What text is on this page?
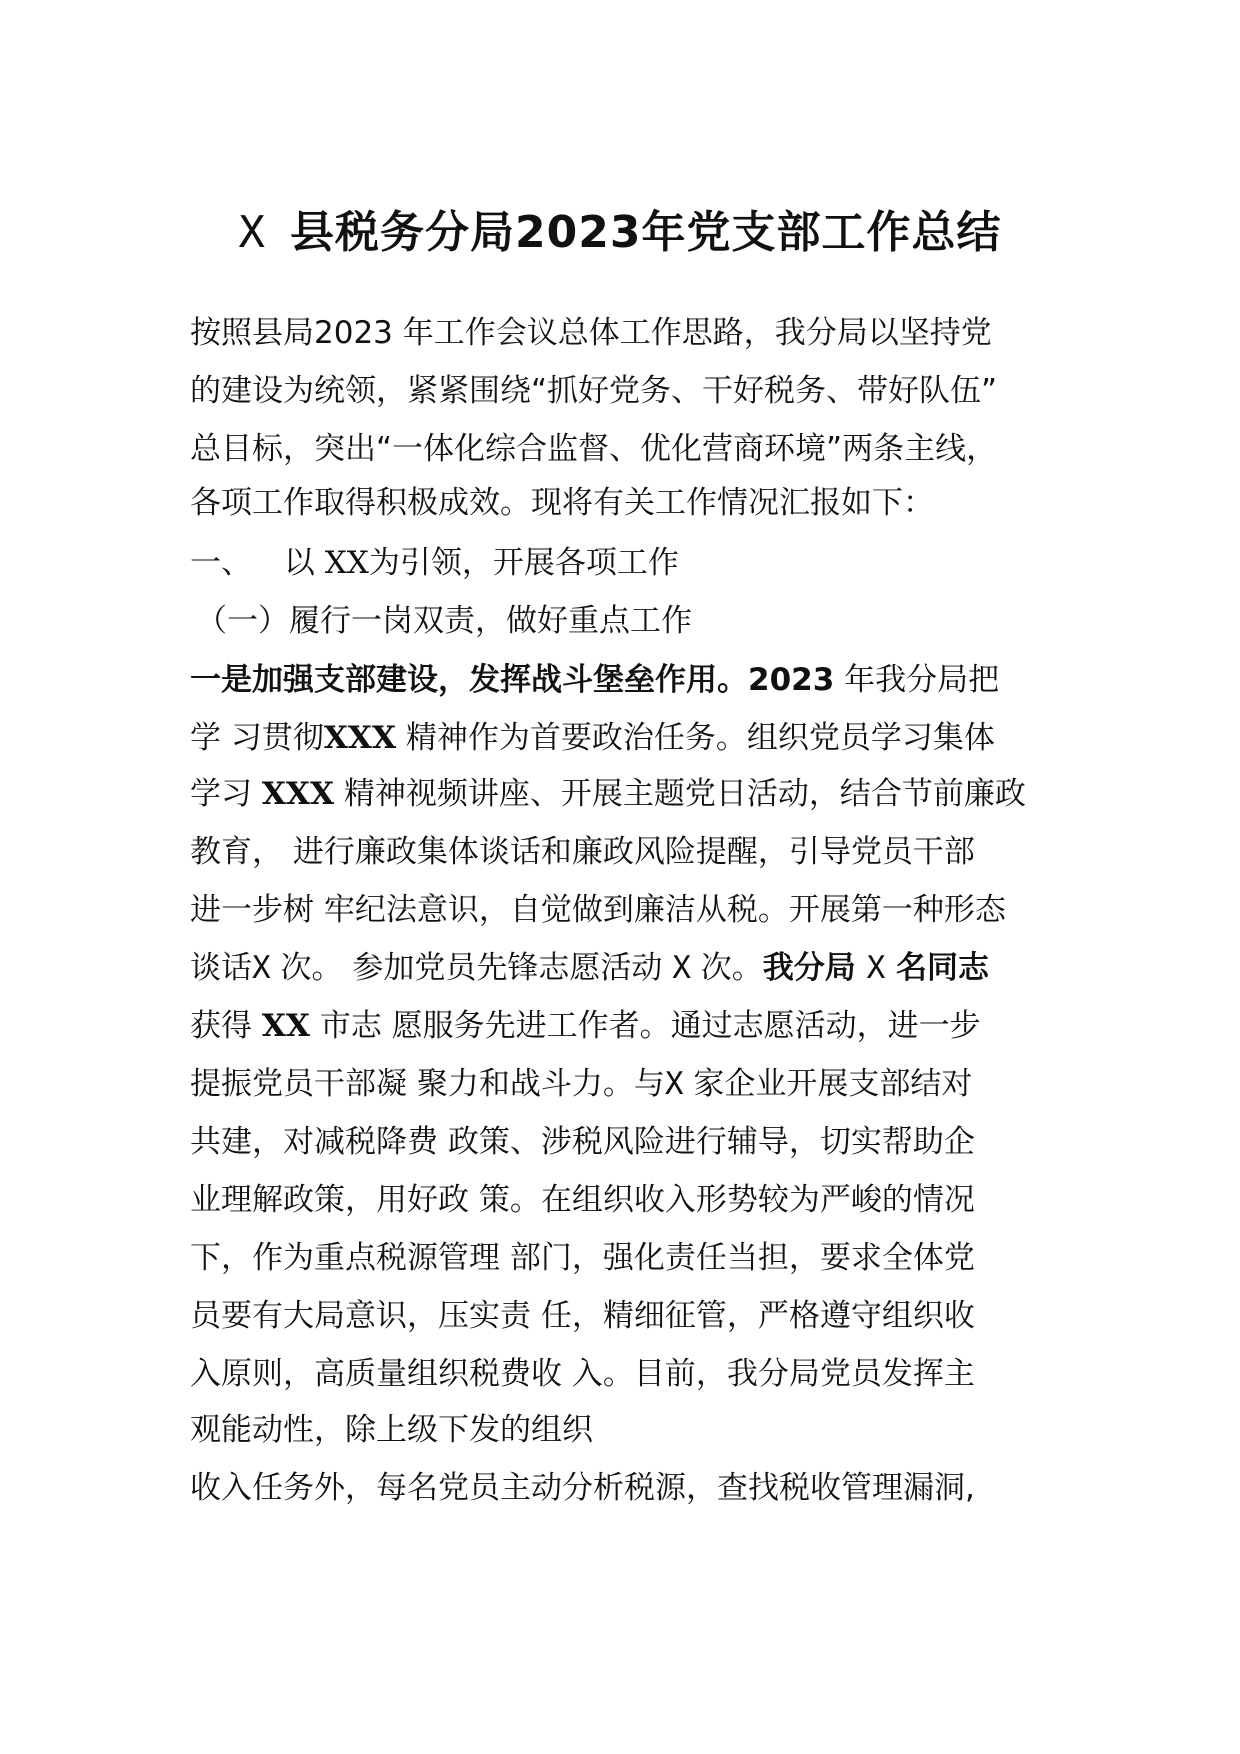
X 县税务分局2023年党支部工作总结
按照县局2023 年工作会议总体工作思路，我分局以坚持党
的建设为统领，紧紧围绕“抓好党务、干好税务、带好队伍”
总目标，突出“一体化综合监督、优化营商环境”两条主线，
各项工作取得积极成效。现将有关工作情况汇报如下：
一、 以 XX为引领，开展各项工作
（一）履行一岗双责，做好重点工作
一是加强支部建设，发挥战斗堡垒作用。2023 年我分局把
学 习贯彻XXX 精神作为首要政治任务。组织党员学习集体
学习 XXX 精神视频讲座、开展主题党日活动，结合节前廉政
教育， 进行廉政集体谈话和廉政风险提醒，引导党员干部
进一步树 牢纪法意识，自觉做到廉洁从税。开展第一种形态
谈话X 次。 参加党员先锋志愿活动 X 次。我分局 X 名同志
获得 XX 市志 愿服务先进工作者。通过志愿活动，进一步
提振党员干部凝 聚力和战斗力。与X 家企业开展支部结对
共建，对减税降费 政策、涉税风险进行辅导，切实帮助企
业理解政策，用好政 策。在组织收入形势较为严峻的情况
下，作为重点税源管理 部门，强化责任当担，要求全体党
员要有大局意识，压实责 任，精细征管，严格遵守组织收
入原则，高质量组织税费收 入。目前，我分局党员发挥主
观能动性，除上级下发的组织
收入任务外，每名党员主动分析税源，查找税收管理漏洞,
